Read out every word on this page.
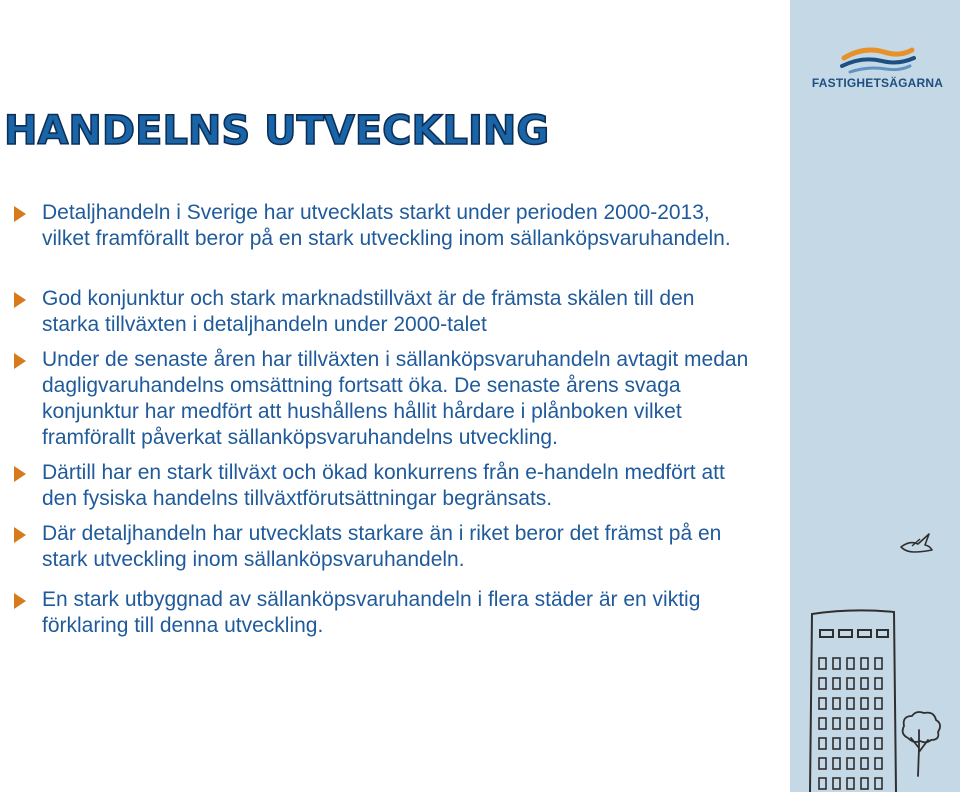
FASTIGHETSÄGARNA
HANDELNS UTVECKLING
Detaljhandeln i Sverige har utvecklats starkt under perioden 2000-2013, vilket framförallt beror på en stark utveckling inom sällanköpsvaruhandeln.
God konjunktur och stark marknadstillväxt är de främsta skälen till den starka tillväxten i detaljhandeln under 2000-talet
Under de senaste åren har tillväxten i sällanköpsvaruhandeln avtagit medan dagligvaruhandelns omsättning fortsatt öka. De senaste årens svaga konjunktur har medfört att hushållens hållit hårdare i plånboken vilket framförallt påverkat sällanköpsvaruhandelns utveckling.
Därtill har en stark tillväxt och ökad konkurrens från e-handeln medfört att den fysiska handelns tillväxtförutsättningar begränsats.
Där detaljhandeln har utvecklats starkare än i riket beror det främst på en stark utveckling inom sällanköpsvaruhandeln.
En stark utbyggnad av sällanköpsvaruhandeln i flera städer är en viktig förklaring till denna utveckling.
